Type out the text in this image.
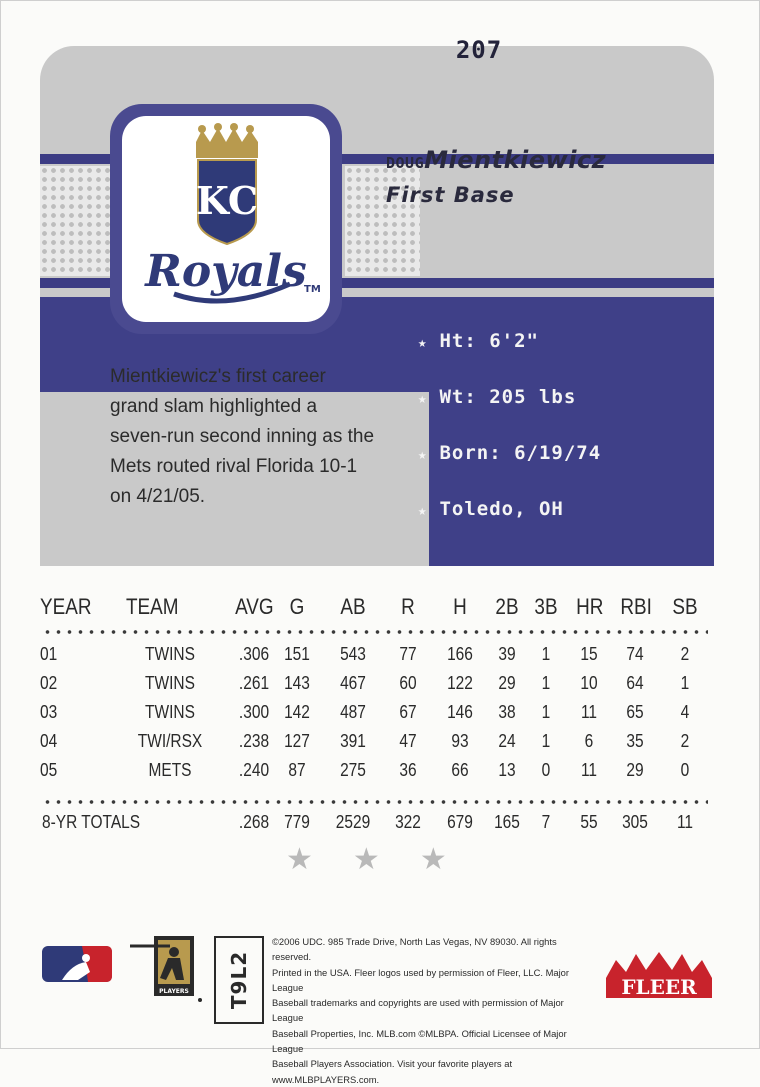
207
KC
Royals
TM
DOUGMientkiewicz
First Base
Mientkiewicz's first career grand slam highlighted a seven-run second inning as the Mets routed rival Florida 10-1 on 4/21/05.
★ Ht: 6'2"
★ Wt: 205 lbs
★ Born: 6/19/74
★ Toledo, OH
YEAR TEAM	AVG G AB R H 2B 3B HR RBI SB
01	TWINS	.306 151 543	77	166	39	1	15	74	2
02	TWINS	.261 143 467	60	122	29	1	10	64	1
03	TWINS	.300 142 487	67	146	38	1	11	65	4
04	TWI/RSX	.238 127 391	47	93	24	1	6	35	2
05	METS	.240	87	275	36	66	13	0	11	29	0
8-YR TOTALS	.268 779 2529 322 679 165	7	55 305 11
★ ★ ★
PLAYERS T9L2
©2006 UDC. 985 Trade Drive, North Las Vegas, NV 89030. All rights reserved.
Printed in the USA. Fleer logos used by permission of Fleer, LLC. Major League
Baseball trademarks and copyrights are used with permission of Major League
Baseball Properties, Inc. MLB.com ©MLBPA. Official Licensee of Major League
Baseball Players Association. Visit your favorite players at www.MLBPLAYERS.com.
FLEER
